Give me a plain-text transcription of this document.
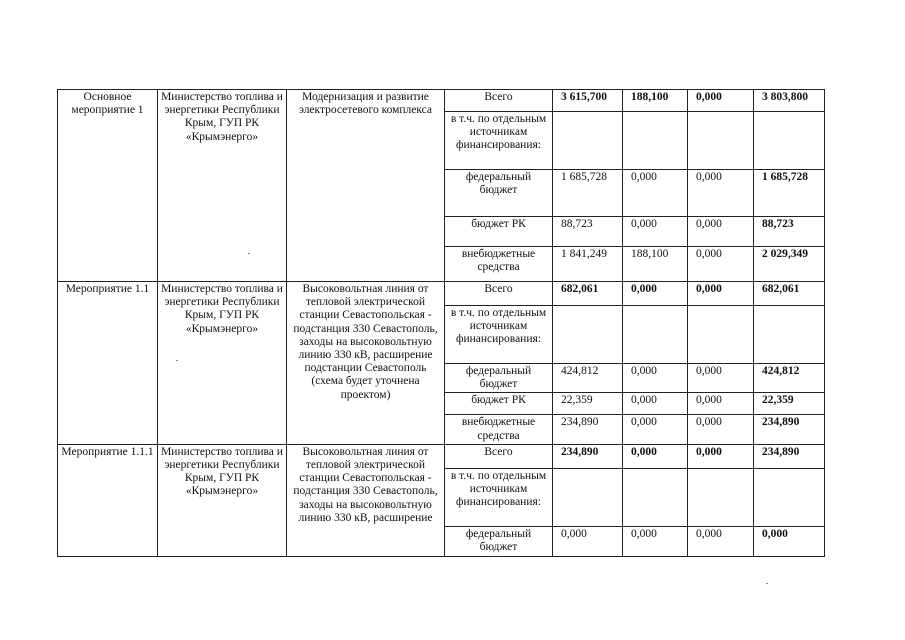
Основное мероприятие 1	Министерство топлива и энергетики Республики Крым, ГУП РК «Крымэнерго»	Модернизация и развитие электросетевого комплекса	Всего	3 615,700	188,100	0,000	3 803,800
			в т.ч. по отдельным источникам финансирования:				
			федеральный бюджет	1 685,728	0,000	0,000	1 685,728
			бюджет РК	88,723	0,000	0,000	88,723
			внебюджетные средства	1 841,249	188,100	0,000	2 029,349
Мероприятие 1.1	Министерство топлива и энергетики Республики Крым, ГУП РК «Крымэнерго»	Высоковольтная линия от тепловой электрической станции Севастопольская - подстанция 330 Севастополь, заходы на высоковольтную линию 330 кВ, расширение подстанции Севастополь (схема будет уточнена проектом)	Всего	682,061	0,000	0,000	682,061
			в т.ч. по отдельным источникам финансирования:				
			федеральный бюджет	424,812	0,000	0,000	424,812
			бюджет РК	22,359	0,000	0,000	22,359
			внебюджетные средства	234,890	0,000	0,000	234,890
Мероприятие 1.1.1	Министерство топлива и энергетики Республики Крым, ГУП РК «Крымэнерго»	Высоковольтная линия от тепловой электрической станции Севастопольская - подстанция 330 Севастополь, заходы на высоковольтную линию 330 кВ, расширение	Всего	234,890	0,000	0,000	234,890
			в т.ч. по отдельным источникам финансирования:				
			федеральный бюджет	0,000	0,000	0,000	0,000
